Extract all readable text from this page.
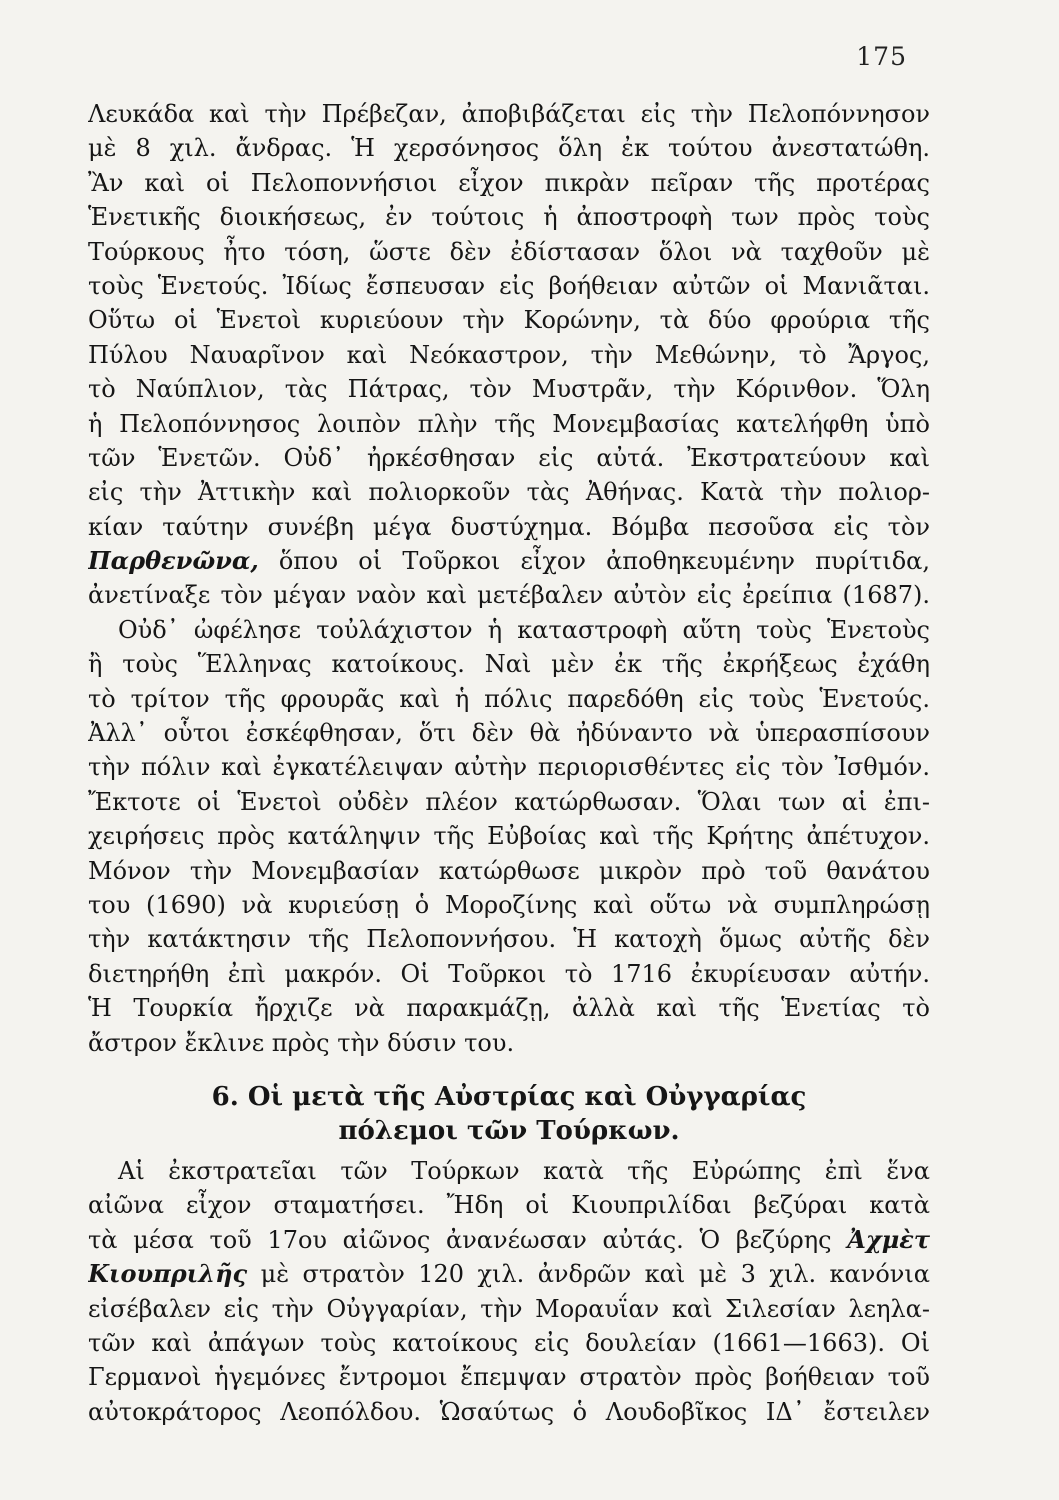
175
Λευκάδα καὶ τὴν Πρέβεζαν, ἀποβιβάζεται εἰς τὴν Πελοπόννησον
μὲ 8 χιλ. ἄνδρας. Ἡ χερσόνησος ὅλη ἐκ τούτου ἀνεστατώθη.
Ἂν καὶ οἱ Πελοποννήσιοι εἶχον πικρὰν πεῖραν τῆς προτέρας
Ἑνετικῆς διοικήσεως, ἐν τούτοις ἡ ἀποστροφὴ των πρὸς τοὺς
Τούρκους ἦτο τόση, ὥστε δὲν ἐδίστασαν ὅλοι νὰ ταχθοῦν μὲ
τοὺς Ἑνετούς. Ἰδίως ἔσπευσαν εἰς βοήθειαν αὐτῶν οἱ Μανιᾶται.
Οὕτω οἱ Ἑνετοὶ κυριεύουν τὴν Κορώνην, τὰ δύο φρούρια τῆς
Πύλου Ναυαρῖνον καὶ Νεόκαστρον, τὴν Μεθώνην, τὸ Ἄργος,
τὸ Ναύπλιον, τὰς Πάτρας, τὸν Μυστρᾶν, τὴν Κόρινθον. Ὅλη
ἡ Πελοπόννησος λοιπὸν πλὴν τῆς Μονεμβασίας κατελήφθη ὑπὸ
τῶν Ἑνετῶν. Οὐδ᾿ ἠρκέσθησαν εἰς αὐτά. Ἐκστρατεύουν καὶ
εἰς τὴν Ἀττικὴν καὶ πολιορκοῦν τὰς Ἀθήνας. Κατὰ τὴν πολιορ-
κίαν ταύτην συνέβη μέγα δυστύχημα. Βόμβα πεσοῦσα εἰς τὸν
Παρθενῶνα, ὅπου οἱ Τοῦρκοι εἶχον ἀποθηκευμένην πυρίτιδα,
ἀνετίναξε τὸν μέγαν ναὸν καὶ μετέβαλεν αὐτὸν εἰς ἐρείπια (1687).
Οὐδ᾿ ὠφέλησε τοὐλάχιστον ἡ καταστροφὴ αὕτη τοὺς Ἑνετοὺς
ἢ τοὺς Ἕλληνας κατοίκους. Ναὶ μὲν ἐκ τῆς ἐκρήξεως ἐχάθη
τὸ τρίτον τῆς φρουρᾶς καὶ ἡ πόλις παρεδόθη εἰς τοὺς Ἑνετούς.
Ἀλλ᾿ οὗτοι ἐσκέφθησαν, ὅτι δὲν θὰ ἠδύναντο νὰ ὑπερασπίσουν
τὴν πόλιν καὶ ἐγκατέλειψαν αὐτὴν περιορισθέντες εἰς τὸν Ἰσθμόν.
Ἔκτοτε οἱ Ἑνετοὶ οὐδὲν πλέον κατώρθωσαν. Ὅλαι των αἱ ἐπι-
χειρήσεις πρὸς κατάληψιν τῆς Εὐβοίας καὶ τῆς Κρήτης ἀπέτυχον.
Μόνον τὴν Μονεμβασίαν κατώρθωσε μικρὸν πρὸ τοῦ θανάτου
του (1690) νὰ κυριεύσῃ ὁ Μοροζίνης καὶ οὕτω νὰ συμπληρώσῃ
τὴν κατάκτησιν τῆς Πελοποννήσου. Ἡ κατοχὴ ὅμως αὐτῆς δὲν
διετηρήθη ἐπὶ μακρόν. Οἱ Τοῦρκοι τὸ 1716 ἐκυρίευσαν αὐτήν.
Ἡ Τουρκία ἤρχιζε νὰ παρακμάζῃ, ἀλλὰ καὶ τῆς Ἑνετίας τὸ
ἄστρον ἔκλινε πρὸς τὴν δύσιν του.
6. Οἱ μετὰ τῆς Αὐστρίας καὶ Οὐγγαρίας
πόλεμοι τῶν Τούρκων.
Αἱ ἐκστρατεῖαι τῶν Τούρκων κατὰ τῆς Εὐρώπης ἐπὶ ἕνα
αἰῶνα εἶχον σταματήσει. Ἤδη οἱ Κιουπριλίδαι βεζύραι κατὰ
τὰ μέσα τοῦ 17ου αἰῶνος ἀνανέωσαν αὐτάς. Ὁ βεζύρης Ἀχμὲτ
Κιουπριλῆς μὲ στρατὸν 120 χιλ. ἀνδρῶν καὶ μὲ 3 χιλ. κανόνια
εἰσέβαλεν εἰς τὴν Οὐγγαρίαν, τὴν Μοραυΐαν καὶ Σιλεσίαν λεηλα-
τῶν καὶ ἀπάγων τοὺς κατοίκους εἰς δουλείαν (1661—1663). Οἱ
Γερμανοὶ ἡγεμόνες ἔντρομοι ἔπεμψαν στρατὸν πρὸς βοήθειαν τοῦ
αὐτοκράτορος Λεοπόλδου. Ὡσαύτως ὁ Λουδοβῖκος ΙΔ᾿ ἔστειλεν
